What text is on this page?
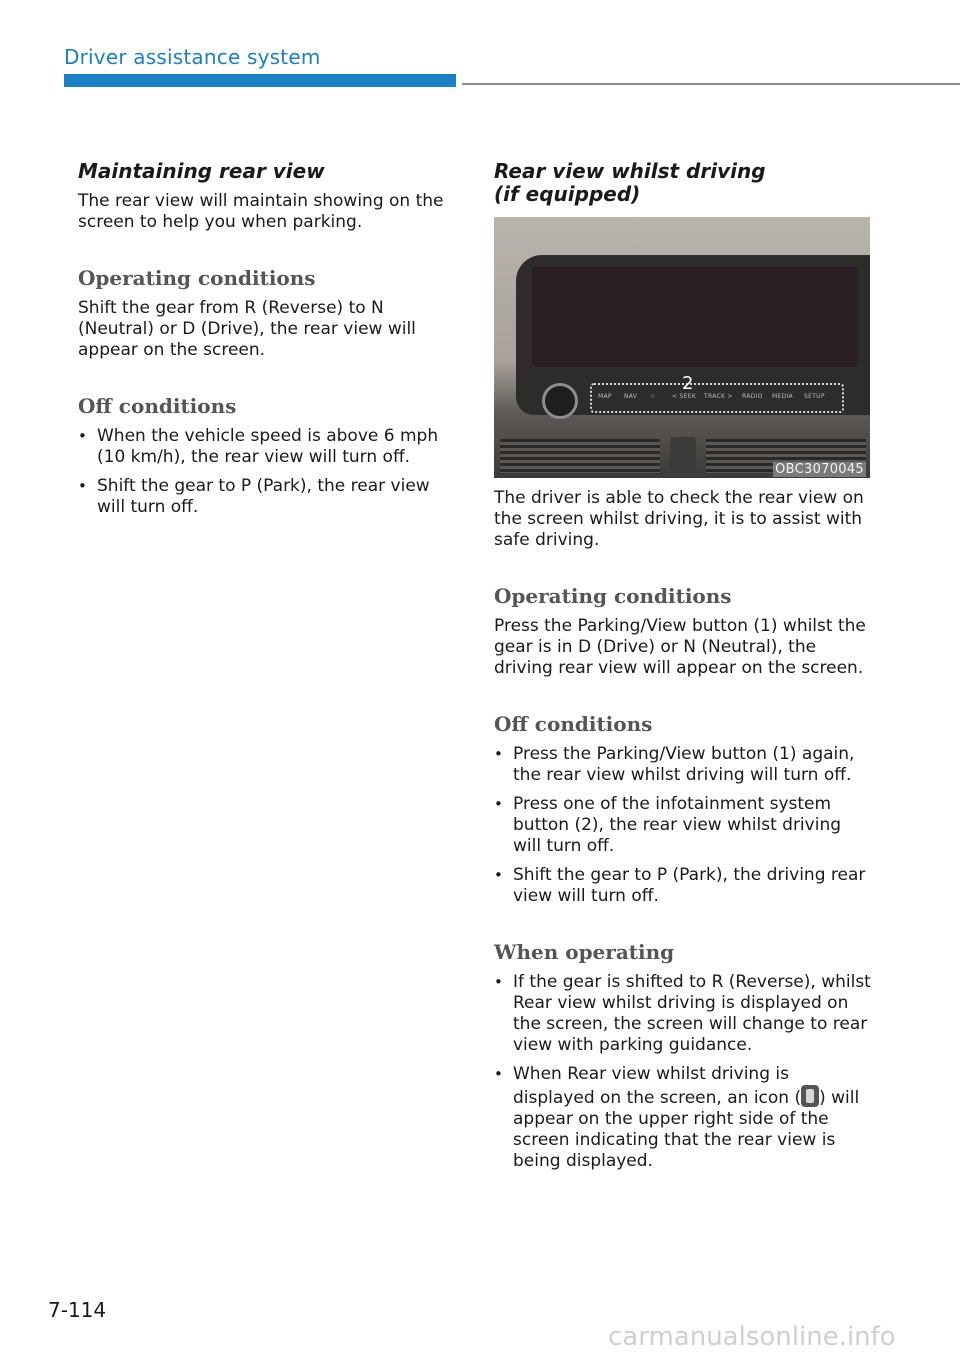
Driver assistance system
Maintaining rear view

The rear view will maintain showing on the screen to help you when parking.

Operating conditions

Shift the gear from R (Reverse) to N (Neutral) or D (Drive), the rear view will appear on the screen.

Off conditions
• When the vehicle speed is above 6 mph (10 km/h), the rear view will turn off.
• Shift the gear to P (Park), the rear view will turn off.
Rear view whilst driving
(if equipped)
MAP NAV ☆	< SEEK TRACK > RADIO MEDIA SETUP
2
OBC3070045

The driver is able to check the rear view on the screen whilst driving, it is to assist with safe driving.

Operating conditions

Press the Parking/View button (1) whilst the gear is in D (Drive) or N (Neutral), the driving rear view will appear on the screen.

Off conditions
• Press the Parking/View button (1) again, the rear view whilst driving will turn off.
• Press one of the infotainment system button (2), the rear view whilst driving will turn off.
• Shift the gear to P (Park), the driving rear view will turn off.
When operating
• If the gear is shifted to R (Reverse), whilst Rear view whilst driving is displayed on the screen, the screen will change to rear view with parking guidance.
• When Rear view whilst driving is displayed on the screen, an icon ( ) will appear on the upper right side of the screen indicating that the rear view is being displayed.
7-114
carmanualsonline.info
